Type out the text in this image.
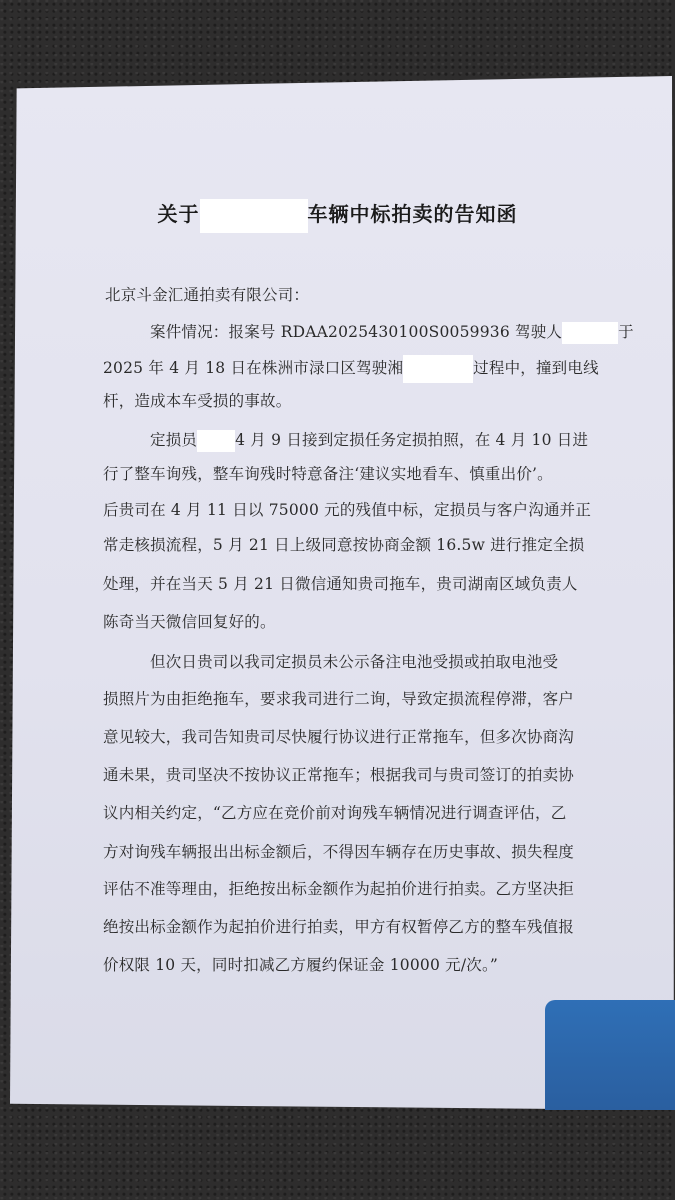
关于	车辆中标拍卖的告知函
北京斗金汇通拍卖有限公司：
案件情况：报案号 RDAA2025430100S0059936 驾驶人	于
2025 年 4 月 18 日在株洲市渌口区驾驶湘	过程中，撞到电线
杆，造成本车受损的事故。
定损员 4 月 9 日接到定损任务定损拍照，在 4 月 10 日进
行了整车询残，整车询残时特意备注‘建议实地看车、慎重出价’。
后贵司在 4 月 11 日以 75000 元的残值中标，定损员与客户沟通并正
常走核损流程，5 月 21 日上级同意按协商金额 16.5w 进行推定全损
处理，并在当天 5 月 21 日微信通知贵司拖车，贵司湖南区域负责人
陈奇当天微信回复好的。
但次日贵司以我司定损员未公示备注电池受损或拍取电池受
损照片为由拒绝拖车，要求我司进行二询，导致定损流程停滞，客户
意见较大，我司告知贵司尽快履行协议进行正常拖车，但多次协商沟
通未果，贵司坚决不按协议正常拖车；根据我司与贵司签订的拍卖协
议内相关约定，“乙方应在竞价前对询残车辆情况进行调查评估，乙
方对询残车辆报出出标金额后，不得因车辆存在历史事故、损失程度
评估不准等理由，拒绝按出标金额作为起拍价进行拍卖。乙方坚决拒
绝按出标金额作为起拍价进行拍卖，甲方有权暂停乙方的整车残值报
价权限 10 天，同时扣减乙方履约保证金 10000 元/次。”
